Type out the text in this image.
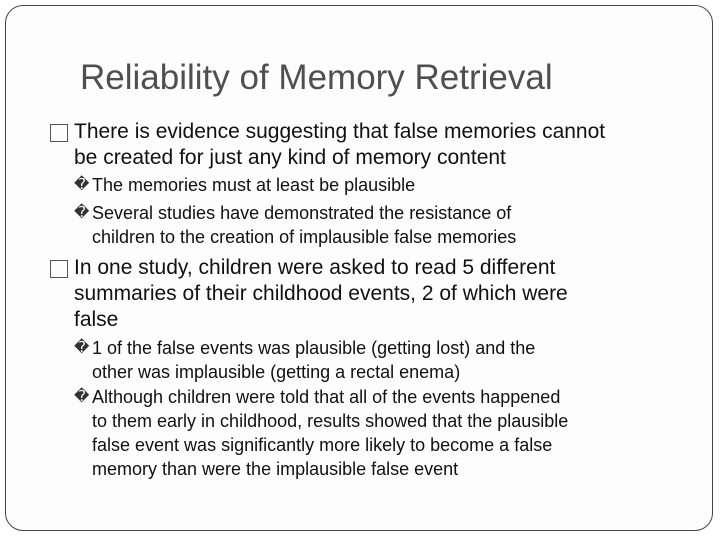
Reliability of Memory Retrieval
There is evidence suggesting that false memories cannot
be created for just any kind of memory content
� The memories must at least be plausible
� Several studies have demonstrated the resistance of
children to the creation of implausible false memories
In one study, children were asked to read 5 different
summaries of their childhood events, 2 of which were
false
� 1 of the false events was plausible (getting lost) and the
other was implausible (getting a rectal enema)
� Although children were told that all of the events happened
to them early in childhood, results showed that the plausible
false event was significantly more likely to become a false
memory than were the implausible false event
